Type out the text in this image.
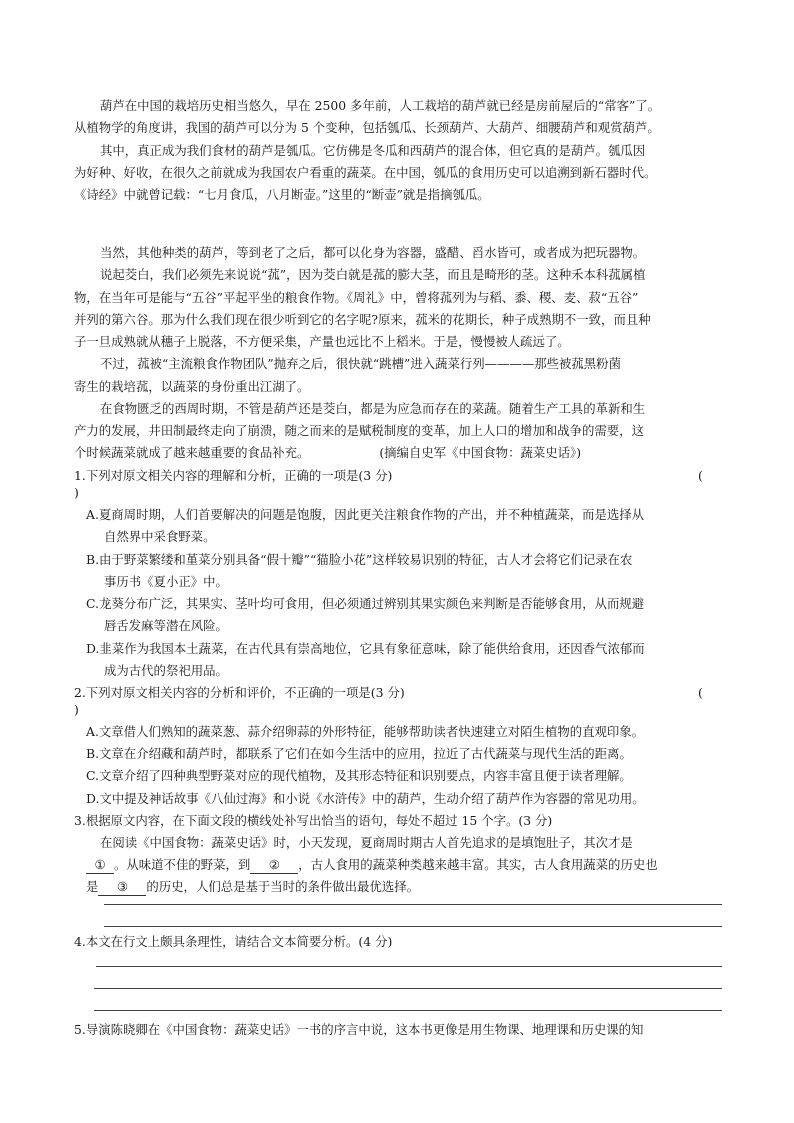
葫芦在中国的栽培历史相当悠久，早在 2500 多年前，人工栽培的葫芦就已经是房前屋后的“常客”了。
从植物学的角度讲，我国的葫芦可以分为 5 个变种，包括瓠瓜、长颈葫芦、大葫芦、细腰葫芦和观赏葫芦。
其中，真正成为我们食材的葫芦是瓠瓜。它仿佛是冬瓜和西葫芦的混合体，但它真的是葫芦。瓠瓜因
为好种、好收，在很久之前就成为我国农户看重的蔬菜。在中国，瓠瓜的食用历史可以追溯到新石器时代。
《诗经》中就曾记载：“七月食瓜，八月断壶。”这里的“断壶”就是指摘瓠瓜。
当然，其他种类的葫芦，等到老了之后，都可以化身为容器，盛醋、舀水皆可，或者成为把玩器物。
说起茭白，我们必须先来说说“菰”，因为茭白就是菰的膨大茎，而且是畸形的茎。这种禾本科菰属植
物，在当年可是能与“五谷”平起平坐的粮食作物。《周礼》中，曾将菰列为与稻、黍、稷、麦、菽“五谷”
并列的第六谷。那为什么我们现在很少听到它的名字呢?原来，菰米的花期长，种子成熟期不一致，而且种
子一旦成熟就从穗子上脱落，不方便采集，产量也远比不上稻米。于是，慢慢被人疏远了。
不过，菰被“主流粮食作物团队”抛弃之后，很快就“跳槽”进入蔬菜行列————那些被菰黑粉菌
寄生的栽培菰，以蔬菜的身份重出江湖了。
在食物匮乏的西周时期，不管是葫芦还是茭白，都是为应急而存在的菜蔬。随着生产工具的革新和生
产力的发展，井田制最终走向了崩溃，随之而来的是赋税制度的变革，加上人口的增加和战争的需要，这
个时候蔬菜就成了越来越重要的食品补充。	(摘编自史军《中国食物：蔬菜史话》)
1.下列对原文相关内容的理解和分析，正确的一项是(3 分)	(
)
A.夏商周时期，人们首要解决的问题是饱腹，因此更关注粮食作物的产出，并不种植蔬菜，而是选择从
自然界中采食野菜。
B.由于野菜繁缕和堇菜分别具备“假十瓣”“猫脸小花”这样较易识别的特征，古人才会将它们记录在农
事历书《夏小正》中。
C.龙葵分布广泛，其果实、茎叶均可食用，但必须通过辨别其果实颜色来判断是否能够食用，从而规避
唇舌发麻等潜在风险。
D.韭菜作为我国本土蔬菜，在古代具有崇高地位，它具有象征意味，除了能供给食用，还因香气浓郁而
成为古代的祭祀用品。
2.下列对原文相关内容的分析和评价，不正确的一项是(3 分)	(
)
A.文章借人们熟知的蔬菜葱、蒜介绍卵蒜的外形特征，能够帮助读者快速建立对陌生植物的直观印象。
B.文章在介绍藏和葫芦时，都联系了它们在如今生活中的应用，拉近了古代蔬菜与现代生活的距离。
C.文章介绍了四种典型野菜对应的现代植物，及其形态特征和识别要点，内容丰富且便于读者理解。
D.文中提及神话故事《八仙过海》和小说《水浒传》中的葫芦，生动介绍了葫芦作为容器的常见功用。
3.根据原文内容，在下面文段的横线处补写出恰当的语句，每处不超过 15 个字。(3 分)
在阅读《中国食物：蔬菜史话》时，小天发现，夏商周时期古人首先追求的是填饱肚子，其次才是
① 。从味道不佳的野菜，到 ② ，古人食用的蔬菜种类越来越丰富。其实，古人食用蔬菜的历史也
是 ③ 的历史，人们总是基于当时的条件做出最优选择。
4.本文在行文上颇具条理性，请结合文本简要分析。(4 分)
5.导演陈晓卿在《中国食物：蔬菜史话》一书的序言中说，这本书更像是用生物课、地理课和历史课的知
